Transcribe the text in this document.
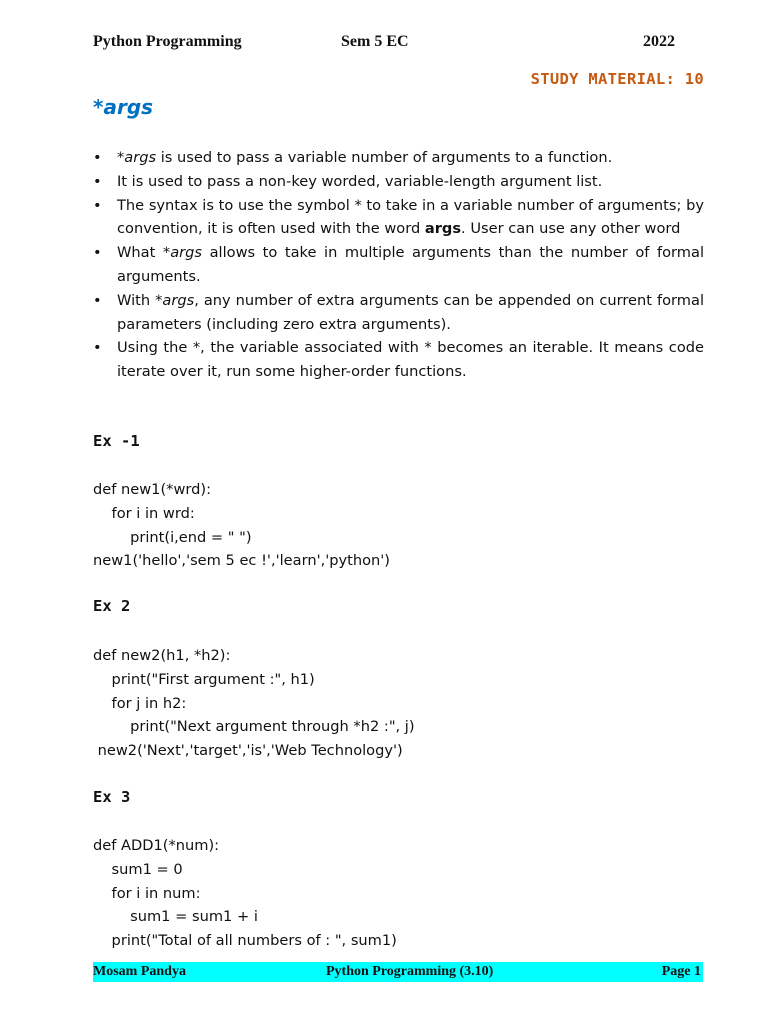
Python Programming	Sem 5 EC	2022
STUDY MATERIAL: 10
*args
• *args is used to pass a variable number of arguments to a function.
• It is used to pass a non-key worded, variable-length argument list.
• The syntax is to use the symbol * to take in a variable number of arguments; by convention, it is often used with the word args. User can use any other word
• What *args allows to take in multiple arguments than the number of formal arguments.
• With *args, any number of extra arguments can be appended on current formal parameters (including zero extra arguments).
• Using the *, the variable associated with * becomes an iterable. It means code iterate over it, run some higher-order functions.
Ex -1
def new1(*wrd):
for i in wrd:
print(i,end = " ")
new1('hello','sem 5 ec !','learn','python')
Ex 2
def new2(h1, *h2):
print("First argument :", h1)
for j in h2:
print("Next argument through *h2 :", j)
new2('Next','target','is','Web Technology')
Ex 3
def ADD1(*num):
sum1 = 0
for i in num:
sum1 = sum1 + i
print("Total of all numbers of : ", sum1)
Mosam Pandya	Python Programming (3.10)	Page 1
